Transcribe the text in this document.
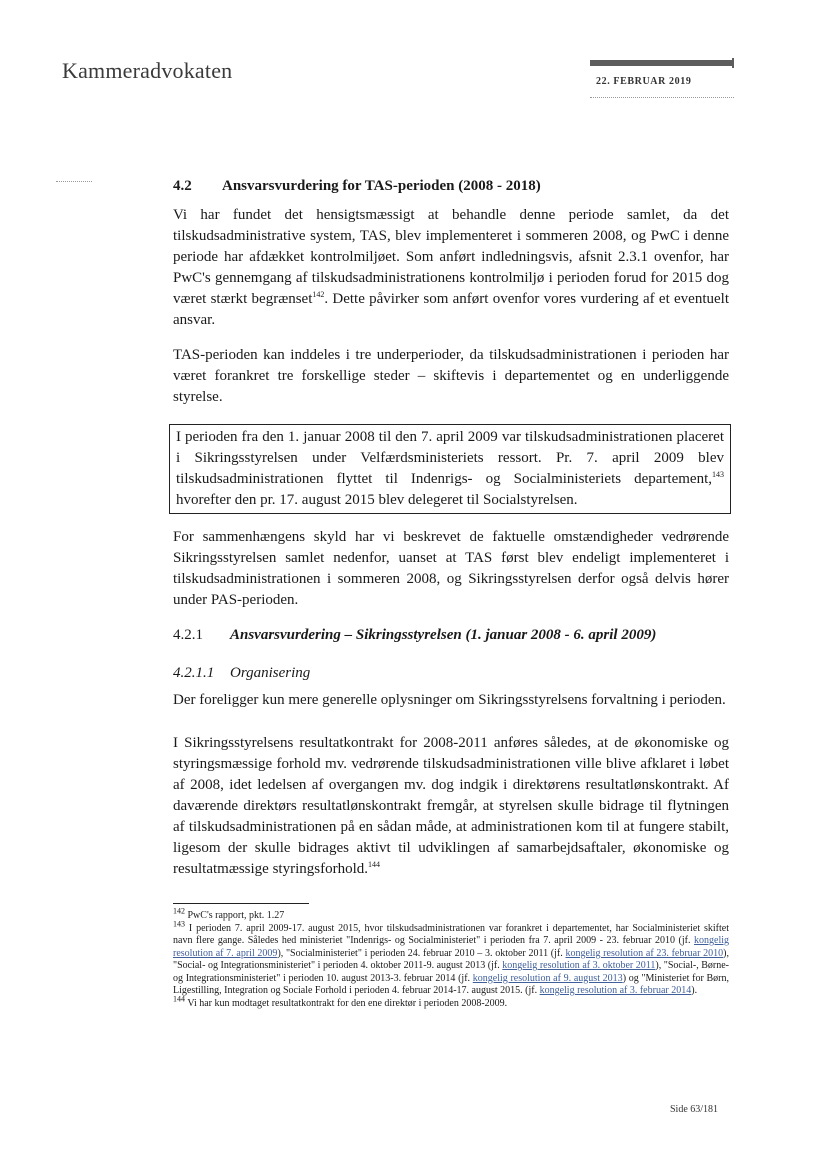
Kammeradvokaten	22. FEBRUAR 2019
4.2 Ansvarsvurdering for TAS-perioden (2008 - 2018)

Vi har fundet det hensigtsmæssigt at behandle denne periode samlet, da det tilskudsadministrative system, TAS, blev implementeret i sommeren 2008, og PwC i denne periode har afdækket kontrolmiljøet. Som anført indledningsvis, afsnit 2.3.1 ovenfor, har PwC's gennemgang af tilskudsadministrationens kontrolmiljø i perioden forud for 2015 dog været stærkt begrænset$^{142}$. Dette påvirker som anført ovenfor vores vurdering af et eventuelt ansvar.

TAS-perioden kan inddeles i tre underperioder, da tilskudsadministrationen i perioden har været forankret tre forskellige steder – skiftevis i departementet og en underliggende styrelse.

I perioden fra den 1. januar 2008 til den 7. april 2009 var tilskudsadministrationen placeret i Sikringsstyrelsen under Velfærdsministeriets ressort. Pr. 7. april 2009 blev tilskudsadministrationen flyttet til Indenrigs- og Socialministeriets departement,$^{143}$ hvorefter den pr. 17. august 2015 blev delegeret til Socialstyrelsen.

For sammenhængens skyld har vi beskrevet de faktuelle omstændigheder vedrørende Sikringsstyrelsen samlet nedenfor, uanset at TAS først blev endeligt implementeret i tilskudsadministrationen i sommeren 2008, og Sikringsstyrelsen derfor også delvis hører under PAS-perioden.

4.2.1 Ansvarsvurdering – Sikringsstyrelsen (1. januar 2008 - 6. april 2009)
4.2.1.1 Organisering

Der foreligger kun mere generelle oplysninger om Sikringsstyrelsens forvaltning i perioden.

I Sikringsstyrelsens resultatkontrakt for 2008-2011 anføres således, at de økonomiske og styringsmæssige forhold mv. vedrørende tilskudsadministrationen ville blive afklaret i løbet af 2008, idet ledelsen af overgangen mv. dog indgik i direktørens resultatlønskontrakt. Af daværende direktørs resultatlønskontrakt fremgår, at styrelsen skulle bidrage til flytningen af tilskudsadministrationen på en sådan måde, at administrationen kom til at fungere stabilt, ligesom der skulle bidrages aktivt til udviklingen af samarbejdsaftaler, økonomiske og resultatmæssige styringsforhold.$^{144}$

$^{142}$ PwC's rapport, pkt. 1.27

$^{143}$ I perioden 7. april 2009-17. august 2015, hvor tilskudsadministrationen var forankret i departementet, har Socialministeriet skiftet navn flere gange. Således hed ministeriet "Indenrigs- og Socialministeriet" i perioden fra 7. april 2009 - 23. februar 2010 (jf. kongelig resolution af 7. april 2009), "Socialministeriet" i perioden 24. februar 2010 – 3. oktober 2011 (jf. kongelig resolution af 23. februar 2010), "Social- og Integrationsministeriet" i perioden 4. oktober 2011-9. august 2013 (jf. kongelig resolution af 3. oktober 2011), "Social-, Børne- og Integrationsministeriet" i perioden 10. august 2013-3. februar 2014 (jf. kongelig resolution af 9. august 2013) og "Ministeriet for Børn, Ligestilling, Integration og Sociale Forhold i perioden 4. februar 2014-17. august 2015. (jf. kongelig resolution af 3. februar 2014).

$^{144}$ Vi har kun modtaget resultatkontrakt for den ene direktør i perioden 2008-2009.

Side 63/181
